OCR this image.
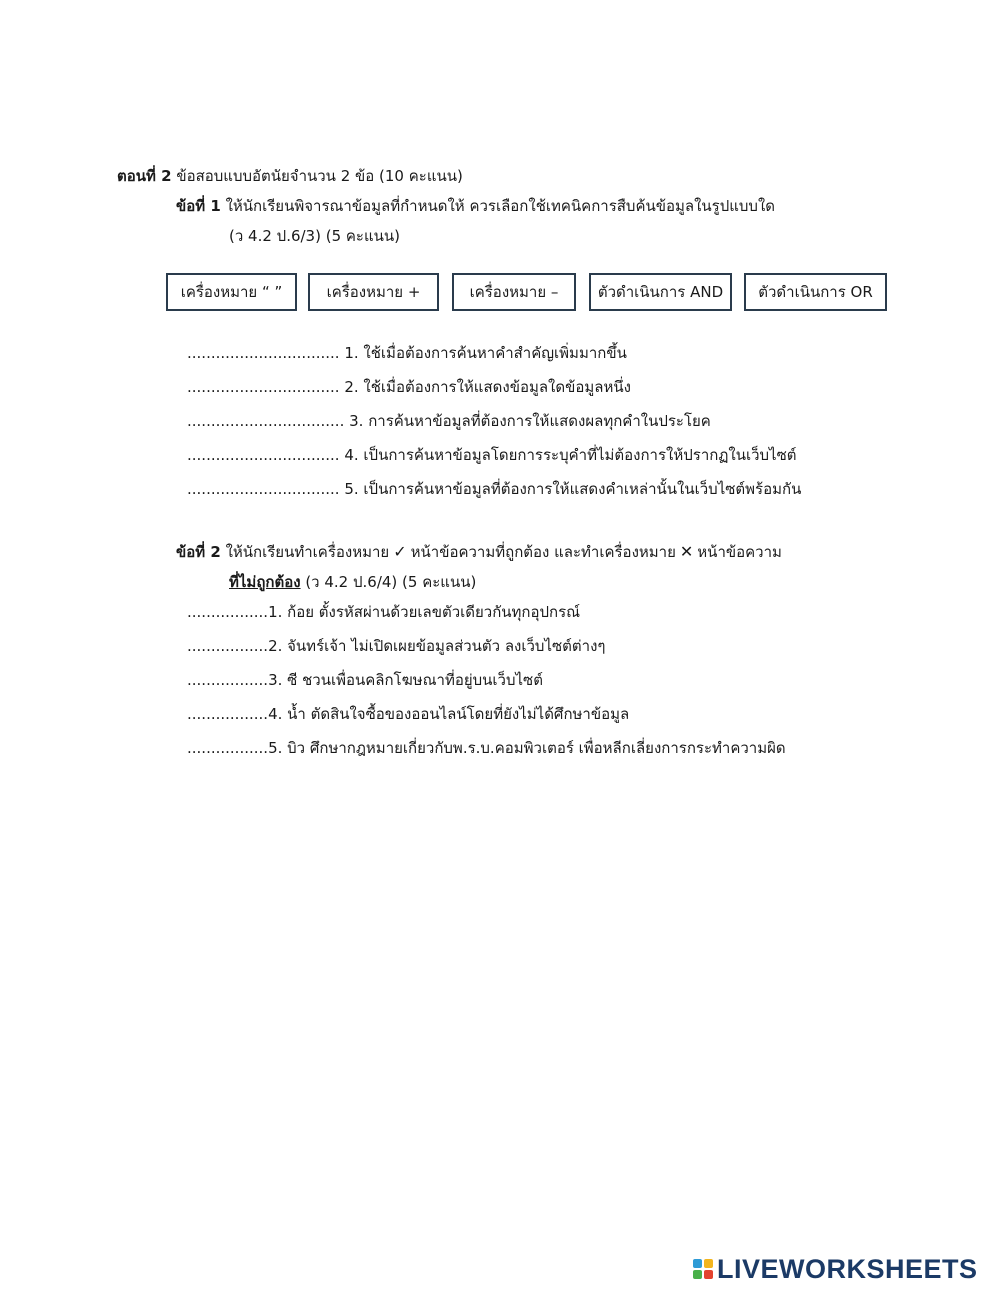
ตอนที่ 2 ข้อสอบแบบอัตนัยจำนวน 2 ข้อ (10 คะแนน)
ข้อที่ 1 ให้นักเรียนพิจารณาข้อมูลที่กำหนดให้ ควรเลือกใช้เทคนิคการสืบค้นข้อมูลในรูปแบบใด
(ว 4.2 ป.6/3) (5 คะแนน)
เครื่องหมาย “ ”	เครื่องหมาย +	เครื่องหมาย –	ตัวดำเนินการ AND	ตัวดำเนินการ OR
................................ 1. ใช้เมื่อต้องการค้นหาคำสำคัญเพิ่มมากขึ้น
................................ 2. ใช้เมื่อต้องการให้แสดงข้อมูลใดข้อมูลหนึ่ง
................................. 3. การค้นหาข้อมูลที่ต้องการให้แสดงผลทุกคำในประโยค
................................ 4. เป็นการค้นหาข้อมูลโดยการระบุคำที่ไม่ต้องการให้ปรากฏในเว็บไซต์
................................ 5. เป็นการค้นหาข้อมูลที่ต้องการให้แสดงคำเหล่านั้นในเว็บไซต์พร้อมกัน
ข้อที่ 2 ให้นักเรียนทำเครื่องหมาย ✓ หน้าข้อความที่ถูกต้อง และทำเครื่องหมาย ✕ หน้าข้อความ
ที่ไม่ถูกต้อง (ว 4.2 ป.6/4) (5 คะแนน)
.................1. ก้อย ตั้งรหัสผ่านด้วยเลขตัวเดียวกันทุกอุปกรณ์
.................2. จันทร์เจ้า ไม่เปิดเผยข้อมูลส่วนตัว ลงเว็บไซต์ต่างๆ
.................3. ซี ชวนเพื่อนคลิกโฆษณาที่อยู่บนเว็บไซต์
.................4. น้ำ ตัดสินใจซื้อของออนไลน์โดยที่ยังไม่ได้ศึกษาข้อมูล
.................5. บิว ศึกษากฎหมายเกี่ยวกับพ.ร.บ.คอมพิวเตอร์ เพื่อหลีกเลี่ยงการกระทำความผิด
LIVEWORKSHEETS
